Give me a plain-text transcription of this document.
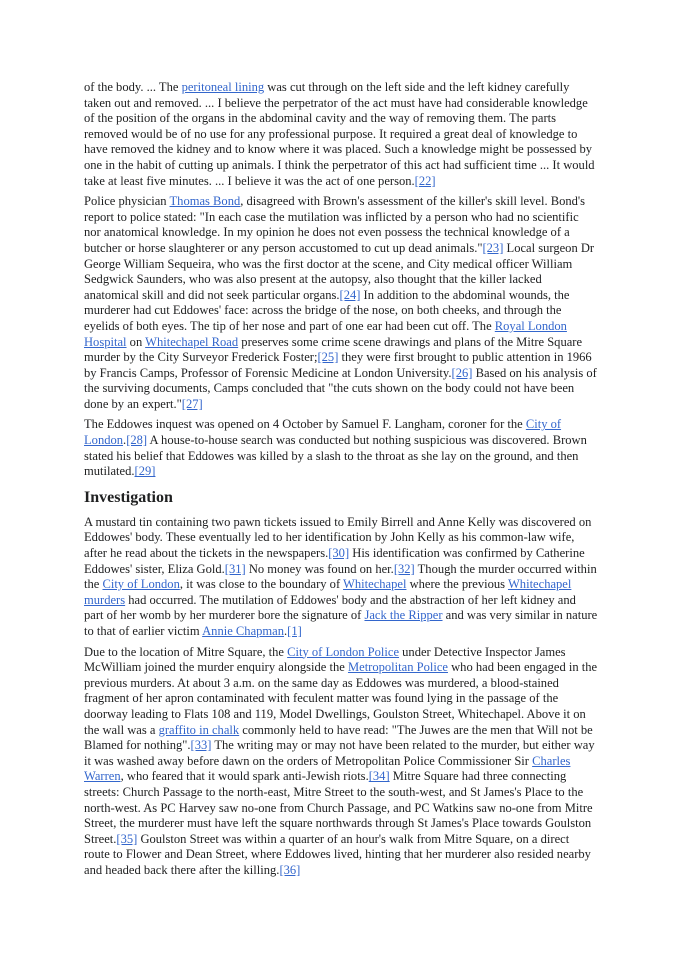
of the body. ... The peritoneal lining was cut through on the left side and the left kidney carefully taken out and removed. ... I believe the perpetrator of the act must have had considerable knowledge of the position of the organs in the abdominal cavity and the way of removing them. The parts removed would be of no use for any professional purpose. It required a great deal of knowledge to have removed the kidney and to know where it was placed. Such a knowledge might be possessed by one in the habit of cutting up animals. I think the perpetrator of this act had sufficient time ... It would take at least five minutes. ... I believe it was the act of one person.[22]

Police physician Thomas Bond, disagreed with Brown's assessment of the killer's skill level. Bond's report to police stated: "In each case the mutilation was inflicted by a person who had no scientific nor anatomical knowledge. In my opinion he does not even possess the technical knowledge of a butcher or horse slaughterer or any person accustomed to cut up dead animals."[23] Local surgeon Dr George William Sequeira, who was the first doctor at the scene, and City medical officer William Sedgwick Saunders, who was also present at the autopsy, also thought that the killer lacked anatomical skill and did not seek particular organs.[24] In addition to the abdominal wounds, the murderer had cut Eddowes' face: across the bridge of the nose, on both cheeks, and through the eyelids of both eyes. The tip of her nose and part of one ear had been cut off. The Royal London Hospital on Whitechapel Road preserves some crime scene drawings and plans of the Mitre Square murder by the City Surveyor Frederick Foster;[25] they were first brought to public attention in 1966 by Francis Camps, Professor of Forensic Medicine at London University.[26] Based on his analysis of the surviving documents, Camps concluded that "the cuts shown on the body could not have been done by an expert."[27]

The Eddowes inquest was opened on 4 October by Samuel F. Langham, coroner for the City of London.[28] A house-to-house search was conducted but nothing suspicious was discovered. Brown stated his belief that Eddowes was killed by a slash to the throat as she lay on the ground, and then mutilated.[29]

Investigation

A mustard tin containing two pawn tickets issued to Emily Birrell and Anne Kelly was discovered on Eddowes' body. These eventually led to her identification by John Kelly as his common-law wife, after he read about the tickets in the newspapers.[30] His identification was confirmed by Catherine Eddowes' sister, Eliza Gold.[31] No money was found on her.[32] Though the murder occurred within the City of London, it was close to the boundary of Whitechapel where the previous Whitechapel murders had occurred. The mutilation of Eddowes' body and the abstraction of her left kidney and part of her womb by her murderer bore the signature of Jack the Ripper and was very similar in nature to that of earlier victim Annie Chapman.[1]

Due to the location of Mitre Square, the City of London Police under Detective Inspector James McWilliam joined the murder enquiry alongside the Metropolitan Police who had been engaged in the previous murders. At about 3 a.m. on the same day as Eddowes was murdered, a blood-stained fragment of her apron contaminated with feculent matter was found lying in the passage of the doorway leading to Flats 108 and 119, Model Dwellings, Goulston Street, Whitechapel. Above it on the wall was a graffito in chalk commonly held to have read: "The Juwes are the men that Will not be Blamed for nothing".[33] The writing may or may not have been related to the murder, but either way it was washed away before dawn on the orders of Metropolitan Police Commissioner Sir Charles Warren, who feared that it would spark anti-Jewish riots.[34] Mitre Square had three connecting streets: Church Passage to the north-east, Mitre Street to the south-west, and St James's Place to the north-west. As PC Harvey saw no-one from Church Passage, and PC Watkins saw no-one from Mitre Street, the murderer must have left the square northwards through St James's Place towards Goulston Street.[35] Goulston Street was within a quarter of an hour's walk from Mitre Square, on a direct route to Flower and Dean Street, where Eddowes lived, hinting that her murderer also resided nearby and headed back there after the killing.[36]
